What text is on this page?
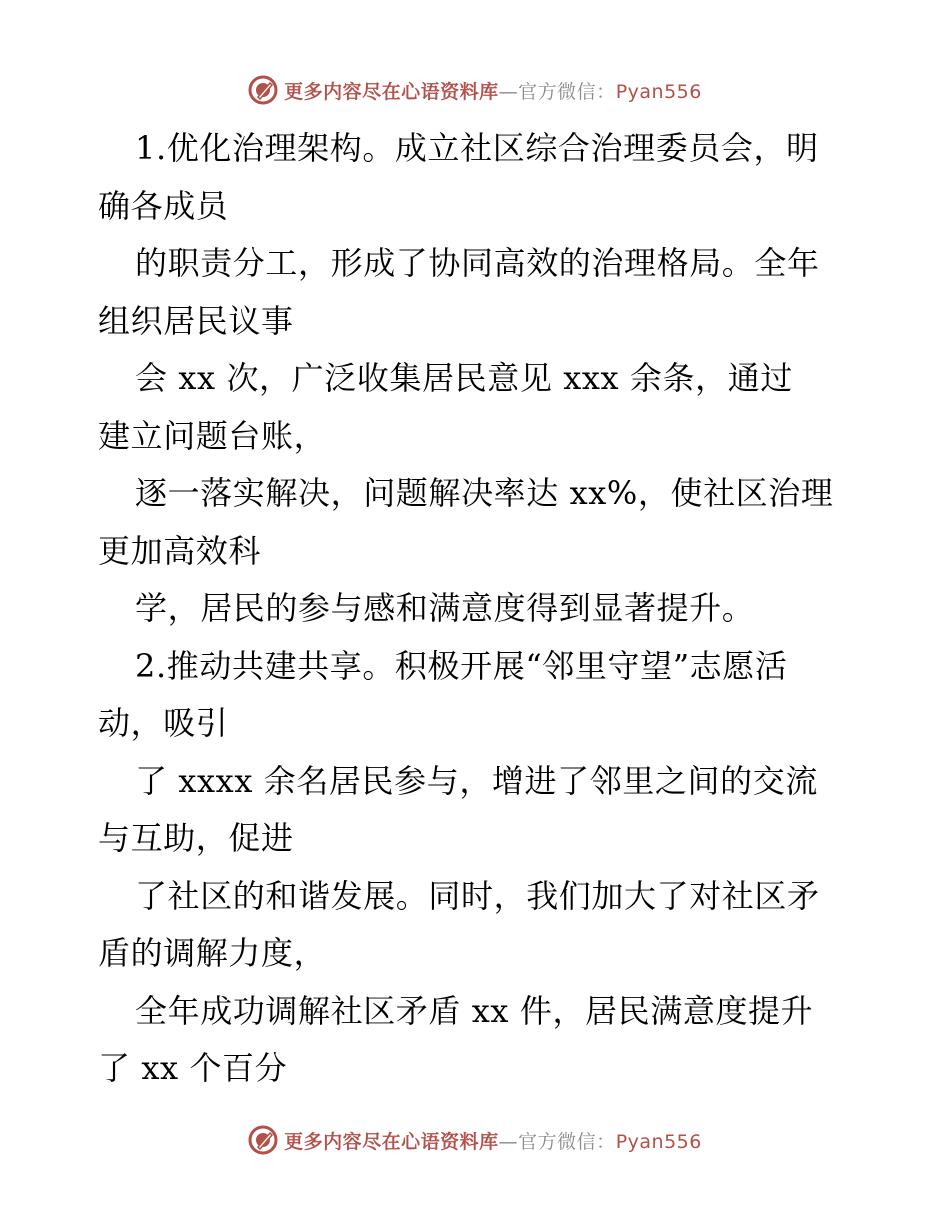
更多内容尽在心语资料库—官方微信：Pyan556
1.优化治理架构。成立社区综合治理委员会，明
确各成员
的职责分工，形成了协同高效的治理格局。全年
组织居民议事
会 xx 次，广泛收集居民意见 xxx 余条，通过
建立问题台账，
逐一落实解决，问题解决率达 xx%，使社区治理
更加高效科
学，居民的参与感和满意度得到显著提升。
2.推动共建共享。积极开展“邻里守望”志愿活
动，吸引
了 xxxx 余名居民参与，增进了邻里之间的交流
与互助，促进
了社区的和谐发展。同时，我们加大了对社区矛
盾的调解力度，
全年成功调解社区矛盾 xx 件，居民满意度提升
了 xx 个百分
更多内容尽在心语资料库—官方微信：Pyan556
